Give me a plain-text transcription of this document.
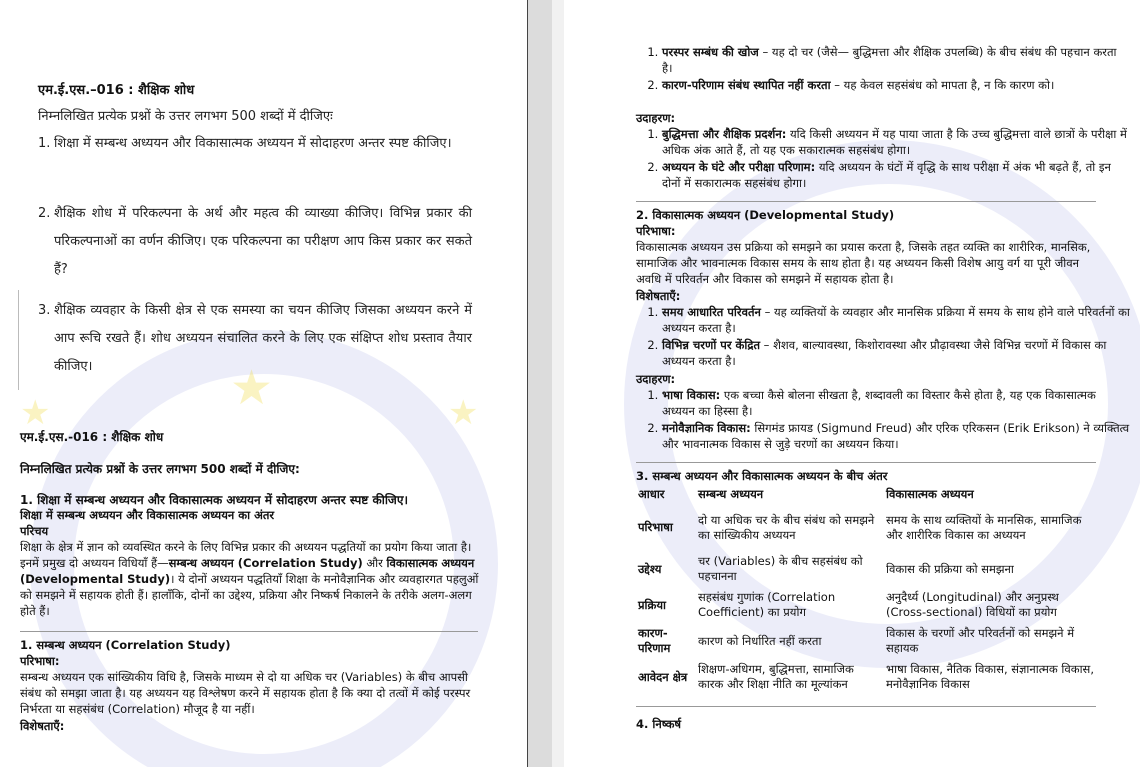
★	★
★
एम.ई.एस.–016 : शैक्षिक शोध
निम्नलिखित प्रत्येक प्रश्नों के उत्तर लगभग 500 शब्दों में दीजिएः
1. शिक्षा में सम्बन्ध अध्ययन और विकासात्मक अध्ययन में सोदाहरण अन्तर स्पष्ट कीजिए।
2. शैक्षिक शोध में परिकल्पना के अर्थ और महत्व की व्याख्या कीजिए। विभिन्न प्रकार की परिकल्पनाओं का वर्णन कीजिए। एक परिकल्पना का परीक्षण आप किस प्रकार कर सकते हैं?
3. शैक्षिक व्यवहार के किसी क्षेत्र से एक समस्या का चयन कीजिए जिसका अध्ययन करने में आप रूचि रखते हैं। शोध अध्ययन संचालित करने के लिए एक संक्षिप्त शोध प्रस्ताव तैयार कीजिए।
एम.ई.एस.-016 : शैक्षिक शोध
निम्नलिखित प्रत्येक प्रश्नों के उत्तर लगभग 500 शब्दों में दीजिए:
1. शिक्षा में सम्बन्ध अध्ययन और विकासात्मक अध्ययन में सोदाहरण अन्तर स्पष्ट कीजिए।
शिक्षा में सम्बन्ध अध्ययन और विकासात्मक अध्ययन का अंतर
परिचय
शिक्षा के क्षेत्र में ज्ञान को व्यवस्थित करने के लिए विभिन्न प्रकार की अध्ययन पद्धतियों का प्रयोग किया जाता है। इनमें प्रमुख दो अध्ययन विधियाँ हैं—सम्बन्ध अध्ययन (Correlation Study) और विकासात्मक अध्ययन (Developmental Study)। ये दोनों अध्ययन पद्धतियाँ शिक्षा के मनोवैज्ञानिक और व्यवहारगत पहलुओं को समझने में सहायक होती हैं। हालाँकि, दोनों का उद्देश्य, प्रक्रिया और निष्कर्ष निकालने के तरीके अलग-अलग होते हैं।
1. सम्बन्ध अध्ययन (Correlation Study)
परिभाषा:
सम्बन्ध अध्ययन एक सांख्यिकीय विधि है, जिसके माध्यम से दो या अधिक चर (Variables) के बीच आपसी संबंध को समझा जाता है। यह अध्ययन यह विश्लेषण करने में सहायक होता है कि क्या दो तत्वों में कोई परस्पर निर्भरता या सहसंबंध (Correlation) मौजूद है या नहीं।
विशेषताएँ:
1. परस्पर सम्बंध की खोज – यह दो चर (जैसे— बुद्धिमत्ता और शैक्षिक उपलब्धि) के बीच संबंध की पहचान करता है।
2. कारण-परिणाम संबंध स्थापित नहीं करता – यह केवल सहसंबंध को मापता है, न कि कारण को।
उदाहरण:
1. बुद्धिमत्ता और शैक्षिक प्रदर्शन: यदि किसी अध्ययन में यह पाया जाता है कि उच्च बुद्धिमत्ता वाले छात्रों के परीक्षा में अधिक अंक आते हैं, तो यह एक सकारात्मक सहसंबंध होगा।
2. अध्ययन के घंटे और परीक्षा परिणाम: यदि अध्ययन के घंटों में वृद्धि के साथ परीक्षा में अंक भी बढ़ते हैं, तो इन दोनों में सकारात्मक सहसंबंध होगा।
2. विकासात्मक अध्ययन (Developmental Study)
परिभाषा:
विकासात्मक अध्ययन उस प्रक्रिया को समझने का प्रयास करता है, जिसके तहत व्यक्ति का शारीरिक, मानसिक, सामाजिक और भावनात्मक विकास समय के साथ होता है। यह अध्ययन किसी विशेष आयु वर्ग या पूरी जीवन अवधि में परिवर्तन और विकास को समझने में सहायक होता है।
विशेषताएँ:
1. समय आधारित परिवर्तन – यह व्यक्तियों के व्यवहार और मानसिक प्रक्रिया में समय के साथ होने वाले परिवर्तनों का अध्ययन करता है।
2. विभिन्न चरणों पर केंद्रित – शैशव, बाल्यावस्था, किशोरावस्था और प्रौढ़ावस्था जैसे विभिन्न चरणों में विकास का अध्ययन करता है।
उदाहरण:
1. भाषा विकास: एक बच्चा कैसे बोलना सीखता है, शब्दावली का विस्तार कैसे होता है, यह एक विकासात्मक अध्ययन का हिस्सा है।
2. मनोवैज्ञानिक विकास: सिगमंड फ्रायड (Sigmund Freud) और एरिक एरिकसन (Erik Erikson) ने व्यक्तित्व और भावनात्मक विकास से जुड़े चरणों का अध्ययन किया।
3. सम्बन्ध अध्ययन और विकासात्मक अध्ययन के बीच अंतर
आधार	सम्बन्ध अध्ययन	विकासात्मक अध्ययन
परिभाषा	दो या अधिक चर के बीच संबंध को समझने का सांख्यिकीय अध्ययन	समय के साथ व्यक्तियों के मानसिक, सामाजिक और शारीरिक विकास का अध्ययन
उद्देश्य	चर (Variables) के बीच सहसंबंध को पहचानना	विकास की प्रक्रिया को समझना
प्रक्रिया	सहसंबंध गुणांक (Correlation Coefficient) का प्रयोग	अनुदैर्ध्य (Longitudinal) और अनुप्रस्थ (Cross-sectional) विधियों का प्रयोग
कारण-परिणाम	कारण को निर्धारित नहीं करता	विकास के चरणों और परिवर्तनों को समझने में सहायक
आवेदन क्षेत्र	शिक्षण-अधिगम, बुद्धिमत्ता, सामाजिक कारक और शिक्षा नीति का मूल्यांकन	भाषा विकास, नैतिक विकास, संज्ञानात्मक विकास, मनोवैज्ञानिक विकास
4. निष्कर्ष
